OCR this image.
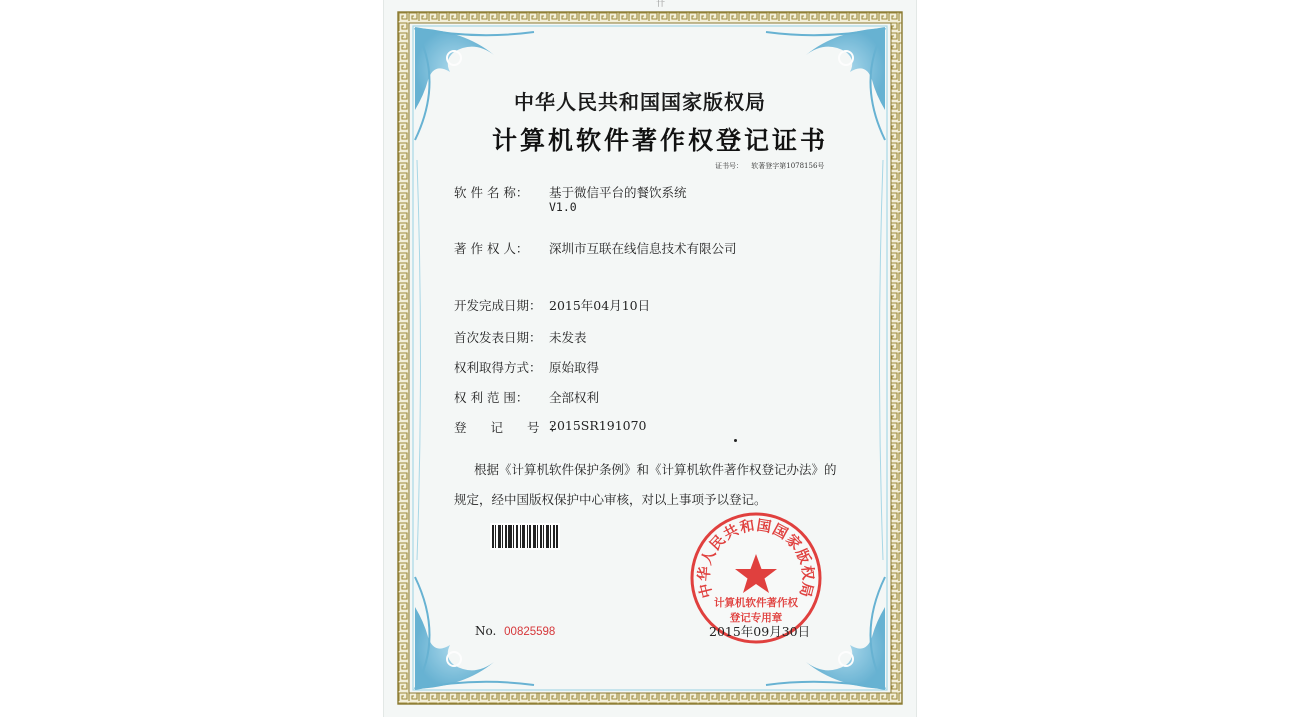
卄
中华人民共和国国家版权局
计算机软件著作权登记证书
证书号： 软著登字第1078156号
软 件 名 称： 基于微信平台的餐饮系统
V1.0
著 作 权 人： 深圳市互联在线信息技术有限公司
开发完成日期： 2015年04月10日
首次发表日期： 未发表
权利取得方式： 原始取得
权 利 范 围： 全部权利
登 记 号：
2015SR191070
根据《计算机软件保护条例》和《计算机软件著作权登记办法》的
规定，经中国版权保护中心审核，对以上事项予以登记。
中华人民共和国国家版权局
计算机软件著作权
登记专用章
No. 00825598	2015年09月30日
